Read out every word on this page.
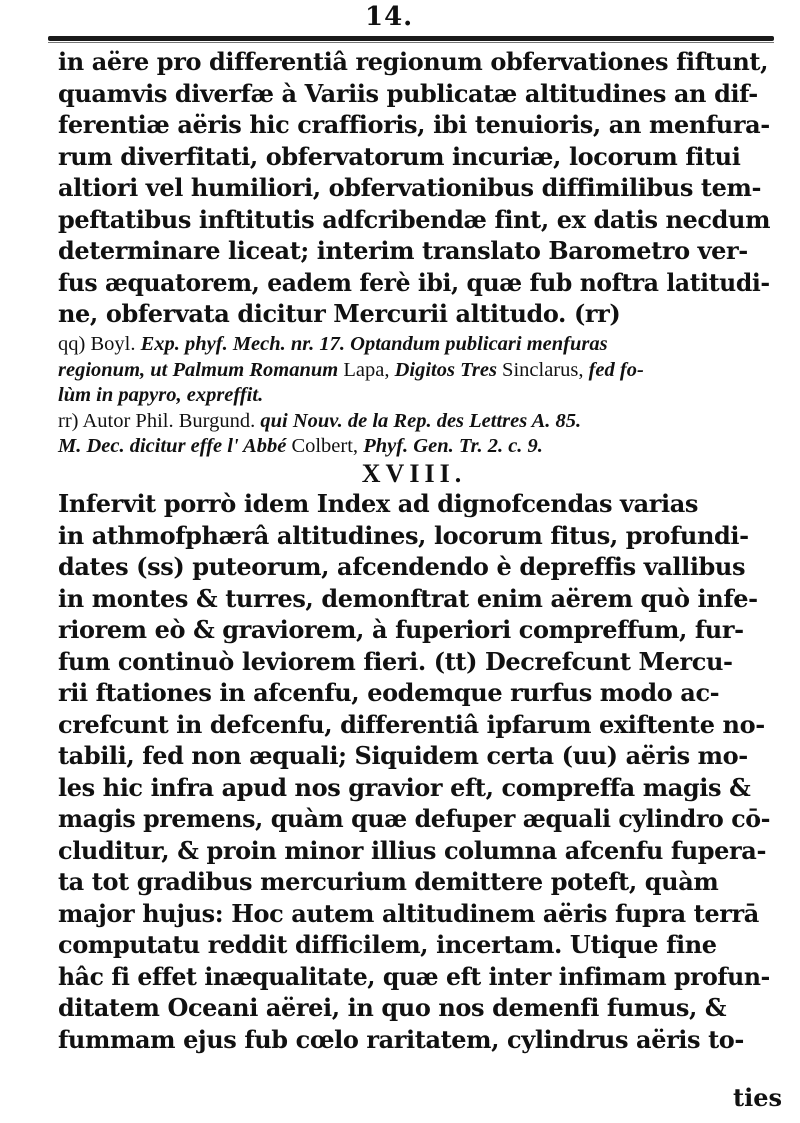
14.
in aëre pro differentiâ regionum obfervationes fiftunt,
quamvis diverfæ à Variis publicatæ altitudines an dif-
ferentiæ aëris hic craffioris, ibi tenuioris, an menfura-
rum diverfitati, obfervatorum incuriæ, locorum fitui
altiori vel humiliori, obfervationibus diffimilibus tem-
peftatibus inftitutis adfcribendæ fint, ex datis necdum
determinare liceat; interim translato Barometro ver-
fus æquatorem, eadem ferè ibi, quæ fub noftra latitudi-
ne, obfervata dicitur Mercurii altitudo. (rr)
qq) Boyl. Exp. phyf. Mech. nr. 17. Optandum publicari menfuras
regionum, ut Palmum Romanum Lapa, Digitos Tres Sinclarus, fed fo-
lùm in papyro, expreffit.
rr) Autor Phil. Burgund. qui Nouv. de la Rep. des Lettres A. 85.
M. Dec. dicitur effe l' Abbé Colbert, Phyf. Gen. Tr. 2. c. 9.
XVIII.
Infervit porrò idem Index ad dignofcendas varias
in athmofphærâ altitudines, locorum fitus, profundi-
dates (ss) puteorum, afcendendo è depreffis vallibus
in montes & turres, demonftrat enim aërem quò infe-
riorem eò & graviorem, à fuperiori compreffum, fur-
fum continuò leviorem fieri. (tt) Decrefcunt Mercu-
rii ftationes in afcenfu, eodemque rurfus modo ac-
crefcunt in defcenfu, differentiâ ipfarum exiftente no-
tabili, fed non æquali; Siquidem certa (uu) aëris mo-
les hic infra apud nos gravior eft, compreffa magis &
magis premens, quàm quæ defuper æquali cylindro cō-
cluditur, & proin minor illius columna afcenfu fupera-
ta tot gradibus mercurium demittere poteft, quàm
major hujus: Hoc autem altitudinem aëris fupra terrā
computatu reddit difficilem, incertam. Utique fine
hâc fi effet inæqualitate, quæ eft inter infimam profun-
ditatem Oceani aërei, in quo nos demenfi fumus, &
fummam ejus fub cœlo raritatem, cylindrus aëris to-
ties
